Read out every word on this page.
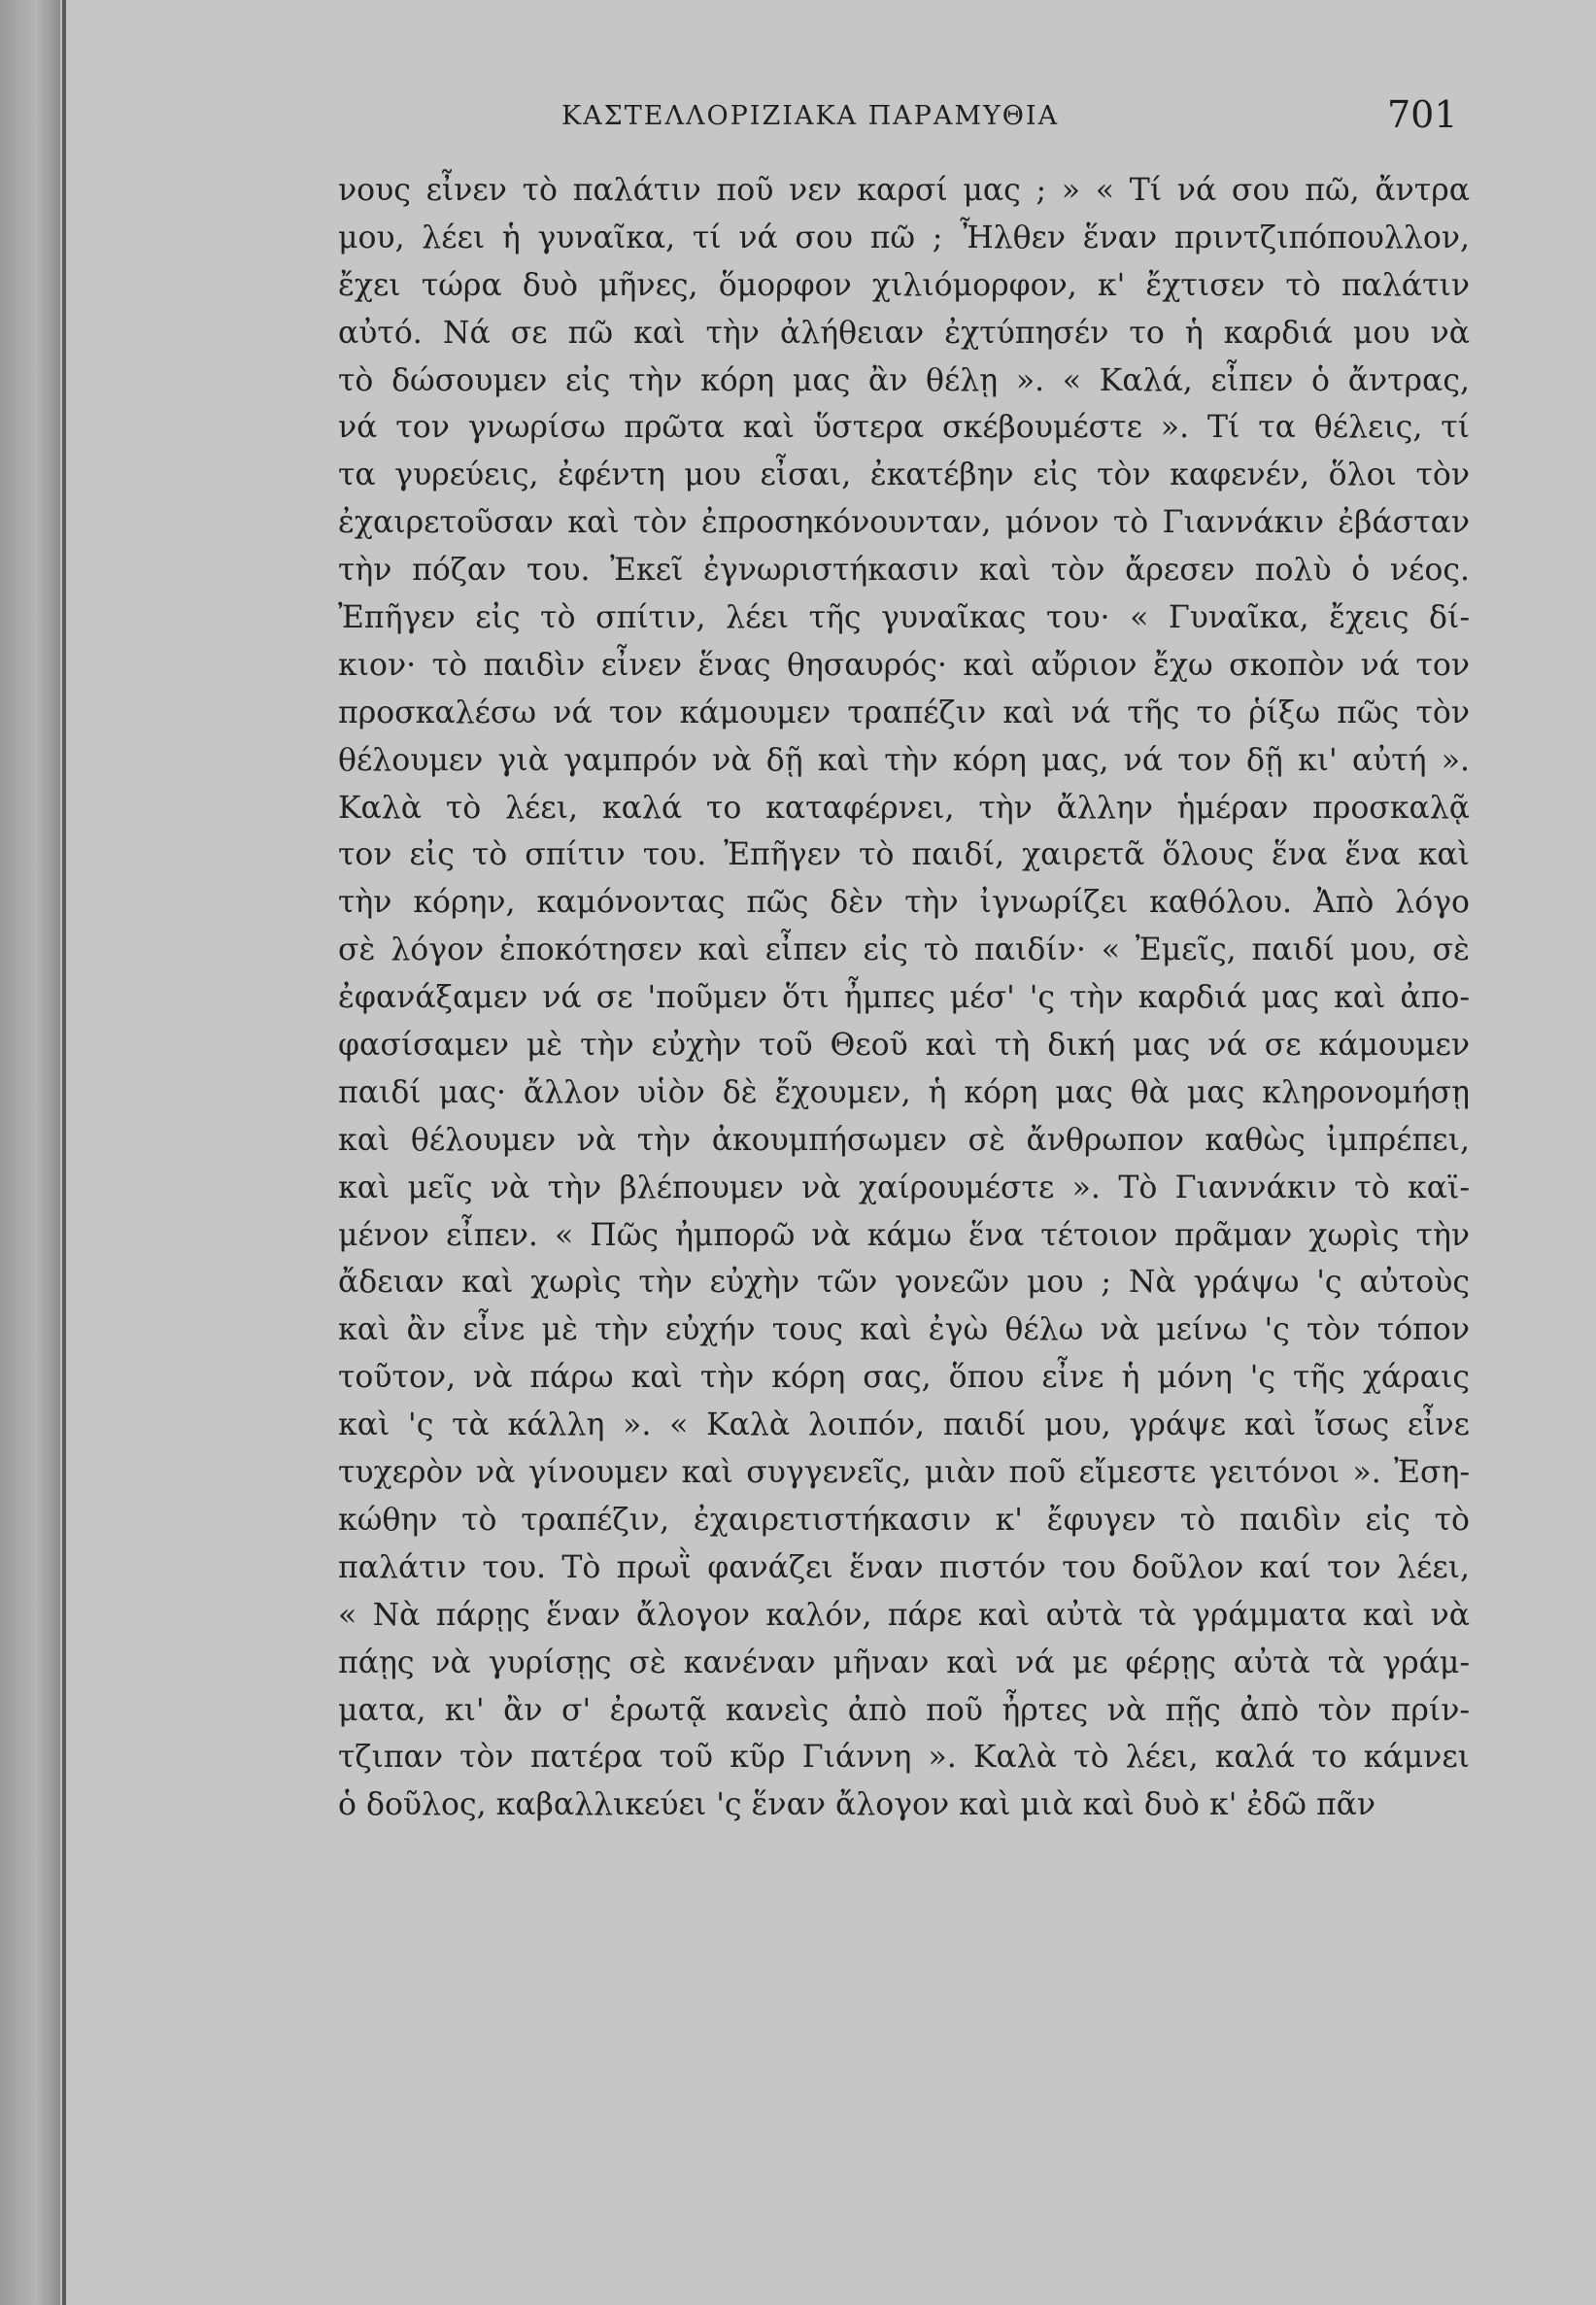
ΚΑΣΤΕΛΛΟΡΙΖΙΑΚΑ ΠΑΡΑΜΥΘΙΑ	701
νους εἶνεν τὸ παλάτιν ποῦ νεν καρσί μας ; » « Τί νά σου πῶ, ἄντρα
μου, λέει ἡ γυναῖκα, τί νά σου πῶ ; Ἦλθεν ἕναν πριντζιπόπουλλον,
ἔχει τώρα δυὸ μῆνες, ὅμορφον χιλιόμορφον, κ' ἔχτισεν τὸ παλάτιν
αὐτό. Νά σε πῶ καὶ τὴν ἀλήθειαν ἐχτύπησέν το ἡ καρδιά μου νὰ
τὸ δώσουμεν εἰς τὴν κόρη μας ἂν θέλῃ ». « Καλά, εἶπεν ὁ ἄντρας,
νά τον γνωρίσω πρῶτα καὶ ὕστερα σκέβουμέστε ». Τί τα θέλεις, τί
τα γυρεύεις, ἐφέντη μου εἶσαι, ἐκατέβην εἰς τὸν καφενέν, ὅλοι τὸν
ἐχαιρετοῦσαν καὶ τὸν ἐπροσηκόνουνταν, μόνον τὸ Γιαννάκιν ἐβάσταν
τὴν πόζαν του. Ἐκεῖ ἐγνωριστήκασιν καὶ τὸν ἄρεσεν πολὺ ὁ νέος.
Ἐπῆγεν εἰς τὸ σπίτιν, λέει τῆς γυναῖκας του· « Γυναῖκα, ἔχεις δί-
κιον· τὸ παιδὶν εἶνεν ἕνας θησαυρός· καὶ αὔριον ἔχω σκοπὸν νά τον
προσκαλέσω νά τον κάμουμεν τραπέζιν καὶ νά τῆς το ῥίξω πῶς τὸν
θέλουμεν γιὰ γαμπρόν νὰ δῇ καὶ τὴν κόρη μας, νά τον δῇ κι' αὐτή ».
Καλὰ τὸ λέει, καλά το καταφέρνει, τὴν ἄλλην ἡμέραν προσκαλᾷ
τον εἰς τὸ σπίτιν του. Ἐπῆγεν τὸ παιδί, χαιρετᾶ ὅλους ἕνα ἕνα καὶ
τὴν κόρην, καμόνοντας πῶς δὲν τὴν ἰγνωρίζει καθόλου. Ἀπὸ λόγο
σὲ λόγον ἐποκότησεν καὶ εἶπεν εἰς τὸ παιδίν· « Ἐμεῖς, παιδί μου, σὲ
ἐφανάξαμεν νά σε 'ποῦμεν ὅτι ἦμπες μέσ' 'ς τὴν καρδιά μας καὶ ἀπο-
φασίσαμεν μὲ τὴν εὐχὴν τοῦ Θεοῦ καὶ τὴ δική μας νά σε κάμουμεν
παιδί μας· ἄλλον υἱὸν δὲ ἔχουμεν, ἡ κόρη μας θὰ μας κληρονομήσῃ
καὶ θέλουμεν νὰ τὴν ἀκουμπήσωμεν σὲ ἄνθρωπον καθὼς ἰμπρέπει,
καὶ μεῖς νὰ τὴν βλέπουμεν νὰ χαίρουμέστε ». Τὸ Γιαννάκιν τὸ καϊ-
μένον εἶπεν. « Πῶς ἠμπορῶ νὰ κάμω ἕνα τέτοιον πρᾶμαν χωρὶς τὴν
ἄδειαν καὶ χωρὶς τὴν εὐχὴν τῶν γονεῶν μου ; Νὰ γράψω 'ς αὐτοὺς
καὶ ἂν εἶνε μὲ τὴν εὐχήν τους καὶ ἐγὼ θέλω νὰ μείνω 'ς τὸν τόπον
τοῦτον, νὰ πάρω καὶ τὴν κόρη σας, ὅπου εἶνε ἡ μόνη 'ς τῆς χάραις
καὶ 'ς τὰ κάλλη ». « Καλὰ λοιπόν, παιδί μου, γράψε καὶ ἴσως εἶνε
τυχερὸν νὰ γίνουμεν καὶ συγγενεῖς, μιὰν ποῦ εἴμεστε γειτόνοι ». Ἐση-
κώθην τὸ τραπέζιν, ἐχαιρετιστήκασιν κ' ἔφυγεν τὸ παιδὶν εἰς τὸ
παλάτιν του. Τὸ πρωῒ φανάζει ἕναν πιστόν του δοῦλον καί τον λέει,
« Νὰ πάρῃς ἕναν ἄλογον καλόν, πάρε καὶ αὐτὰ τὰ γράμματα καὶ νὰ
πάῃς νὰ γυρίσῃς σὲ κανέναν μῆναν καὶ νά με φέρῃς αὐτὰ τὰ γράμ-
ματα, κι' ἂν σ' ἐρωτᾷ κανεὶς ἀπὸ ποῦ ἦρτες νὰ πῇς ἀπὸ τὸν πρίν-
τζιπαν τὸν πατέρα τοῦ κῦρ Γιάννη ». Καλὰ τὸ λέει, καλά το κάμνει
ὁ δοῦλος, καβαλλικεύει 'ς ἕναν ἄλογον καὶ μιὰ καὶ δυὸ κ' ἐδῶ πᾶν
